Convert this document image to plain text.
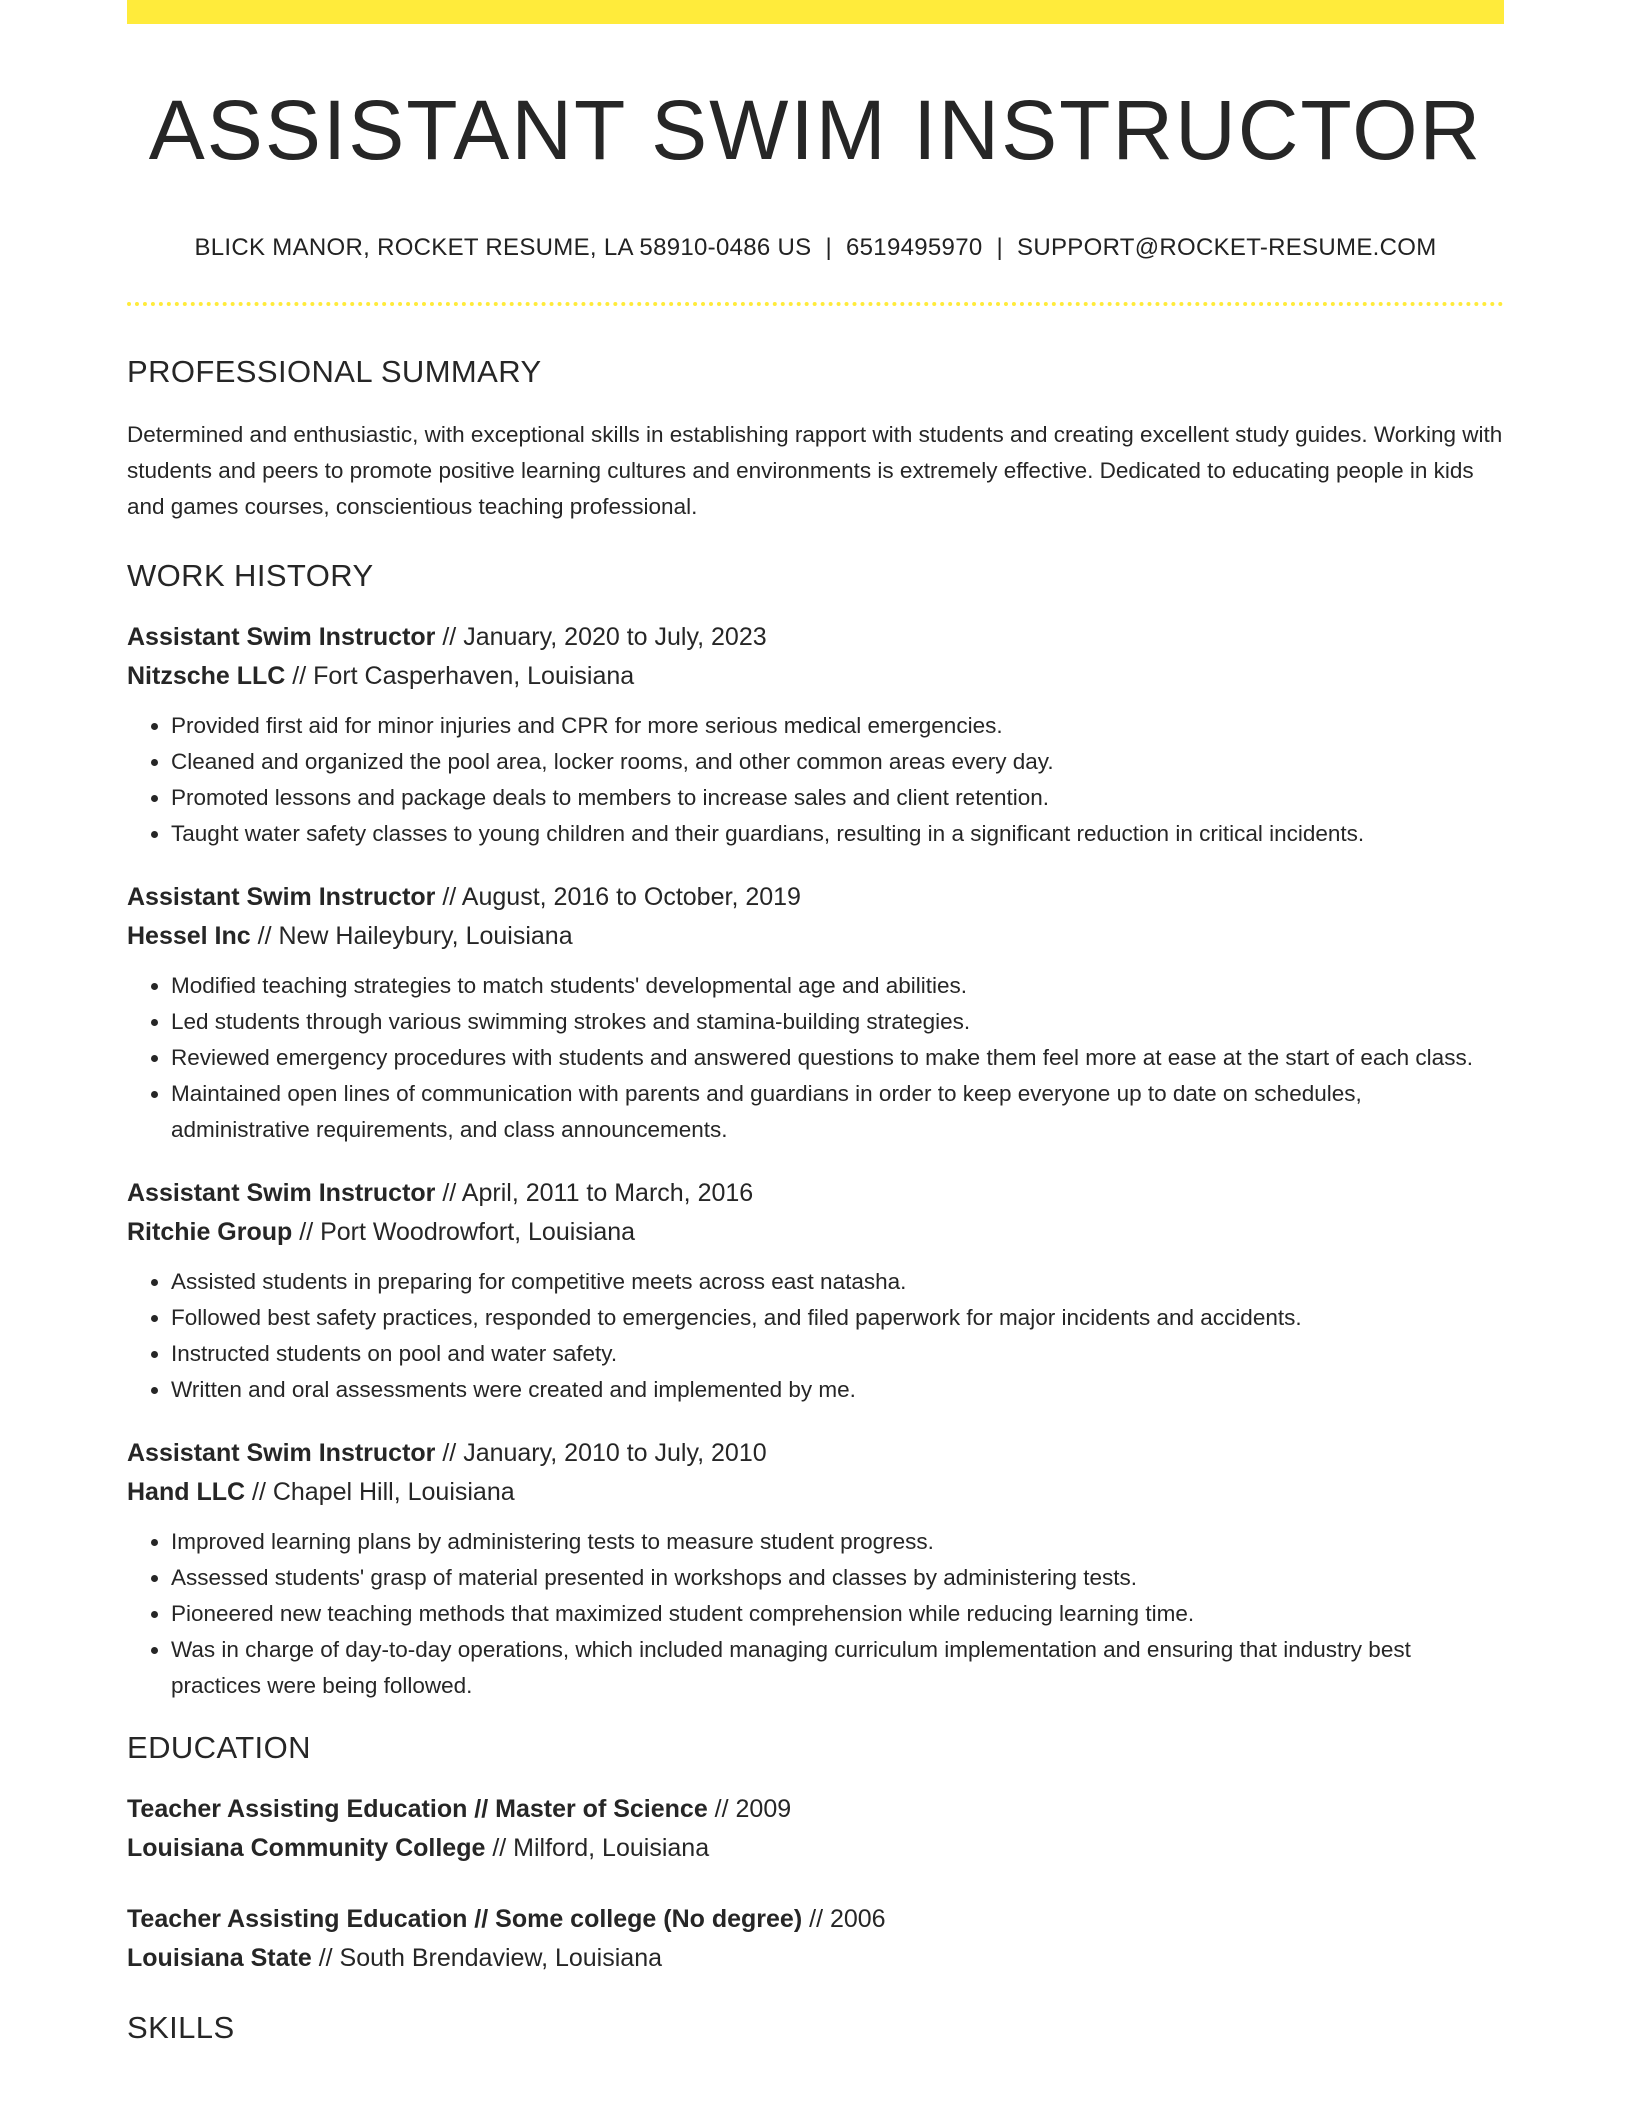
ASSISTANT SWIM INSTRUCTOR
BLICK MANOR, ROCKET RESUME, LA 58910-0486 US | 6519495970 | SUPPORT@ROCKET-RESUME.COM
PROFESSIONAL SUMMARY

Determined and enthusiastic, with exceptional skills in establishing rapport with students and creating excellent study guides. Working with students and peers to promote positive learning cultures and environments is extremely effective. Dedicated to educating people in kids and games courses, conscientious teaching professional.

WORK HISTORY
Assistant Swim Instructor // January, 2020 to July, 2023
Nitzsche LLC // Fort Casperhaven, Louisiana
• Provided first aid for minor injuries and CPR for more serious medical emergencies.
• Cleaned and organized the pool area, locker rooms, and other common areas every day.
• Promoted lessons and package deals to members to increase sales and client retention.
• Taught water safety classes to young children and their guardians, resulting in a significant reduction in critical incidents.
Assistant Swim Instructor // August, 2016 to October, 2019
Hessel Inc // New Haileybury, Louisiana
• Modified teaching strategies to match students' developmental age and abilities.
• Led students through various swimming strokes and stamina-building strategies.
• Reviewed emergency procedures with students and answered questions to make them feel more at ease at the start of each class.
• Maintained open lines of communication with parents and guardians in order to keep everyone up to date on schedules, administrative requirements, and class announcements.
Assistant Swim Instructor // April, 2011 to March, 2016
Ritchie Group // Port Woodrowfort, Louisiana
• Assisted students in preparing for competitive meets across east natasha.
• Followed best safety practices, responded to emergencies, and filed paperwork for major incidents and accidents.
• Instructed students on pool and water safety.
• Written and oral assessments were created and implemented by me.
Assistant Swim Instructor // January, 2010 to July, 2010
Hand LLC // Chapel Hill, Louisiana
• Improved learning plans by administering tests to measure student progress.
• Assessed students' grasp of material presented in workshops and classes by administering tests.
• Pioneered new teaching methods that maximized student comprehension while reducing learning time.
• Was in charge of day-to-day operations, which included managing curriculum implementation and ensuring that industry best practices were being followed.
EDUCATION
Teacher Assisting Education // Master of Science // 2009
Louisiana Community College // Milford, Louisiana
Teacher Assisting Education // Some college (No degree) // 2006
Louisiana State // South Brendaview, Louisiana
SKILLS
